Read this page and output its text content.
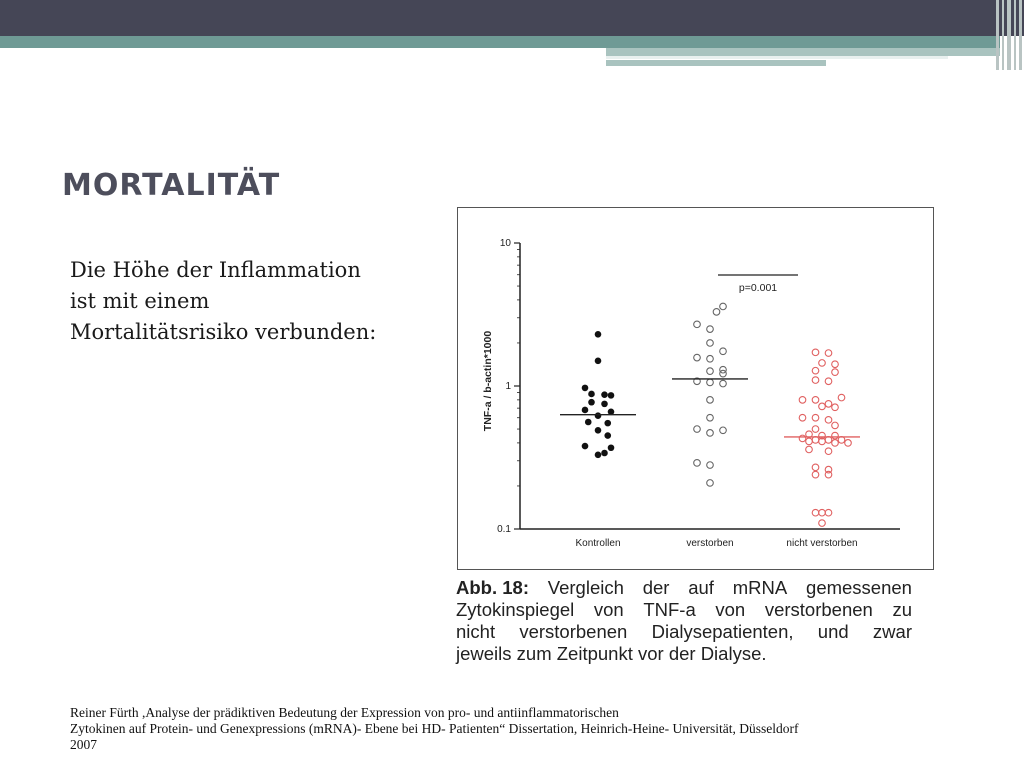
MORTALITÄT
Die Höhe der Inflammation
ist mit einem
Mortalitätsrisiko verbunden:
10
1
0.1
TNF-a / b-actin*1000
Kontrollen	verstorben	nicht verstorben
p=0.001
Abb. 18: Vergleich der auf mRNA gemessenen
Zytokinspiegel von TNF-a von verstorbenen zu
nicht verstorbenen Dialysepatienten, und zwar
jeweils zum Zeitpunkt vor der Dialyse.
Reiner Fürth ,Analyse der prädiktiven Bedeutung der Expression von pro- und antiinflammatorischen
Zytokinen auf Protein- und Genexpressions (mRNA)- Ebene bei HD- Patienten“ Dissertation, Heinrich-Heine- Universität, Düsseldorf
2007
